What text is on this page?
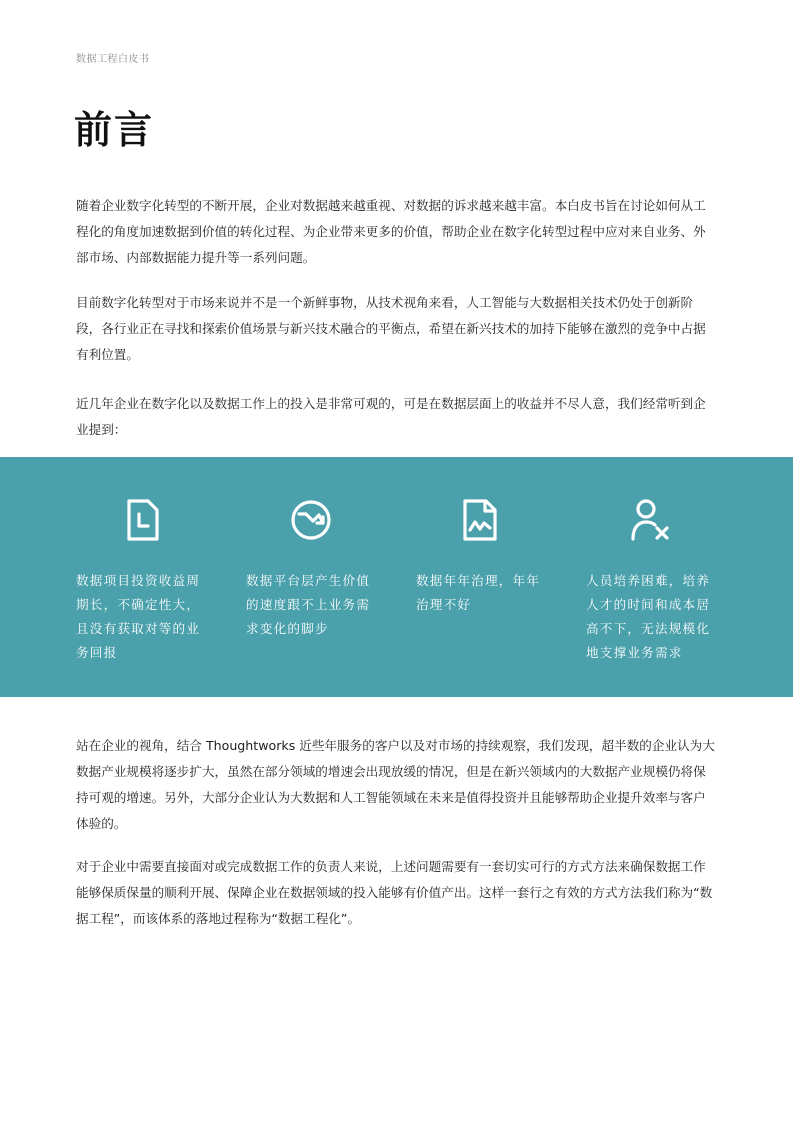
数据工程白皮书
前言

随着企业数字化转型的不断开展，企业对数据越来越重视、对数据的诉求越来越丰富。本白皮书旨在讨论如何从工程化的角度加速数据到价值的转化过程、为企业带来更多的价值，帮助企业在数字化转型过程中应对来自业务、外部市场、内部数据能力提升等一系列问题。

目前数字化转型对于市场来说并不是一个新鲜事物，从技术视角来看，人工智能与大数据相关技术仍处于创新阶段，各行业正在寻找和探索价值场景与新兴技术融合的平衡点，希望在新兴技术的加持下能够在激烈的竞争中占据有利位置。

近几年企业在数字化以及数据工作上的投入是非常可观的，可是在数据层面上的收益并不尽人意，我们经常听到企业提到：

数据项目投资收益周期长，不确定性大，且没有获取对等的业务回报

数据平台层产生价值的速度跟不上业务需求变化的脚步

数据年年治理，年年治理不好

人员培养困难，培养人才的时间和成本居高不下，无法规模化地支撑业务需求

站在企业的视角，结合 Thoughtworks 近些年服务的客户以及对市场的持续观察，我们发现，超半数的企业认为大数据产业规模将逐步扩大，虽然在部分领域的增速会出现放缓的情况，但是在新兴领域内的大数据产业规模仍将保持可观的增速。另外，大部分企业认为大数据和人工智能领域在未来是值得投资并且能够帮助企业提升效率与客户体验的。

对于企业中需要直接面对或完成数据工作的负责人来说，上述问题需要有一套切实可行的方式方法来确保数据工作能够保质保量的顺利开展、保障企业在数据领域的投入能够有价值产出。这样一套行之有效的方式方法我们称为“数据工程”，而该体系的落地过程称为“数据工程化”。
